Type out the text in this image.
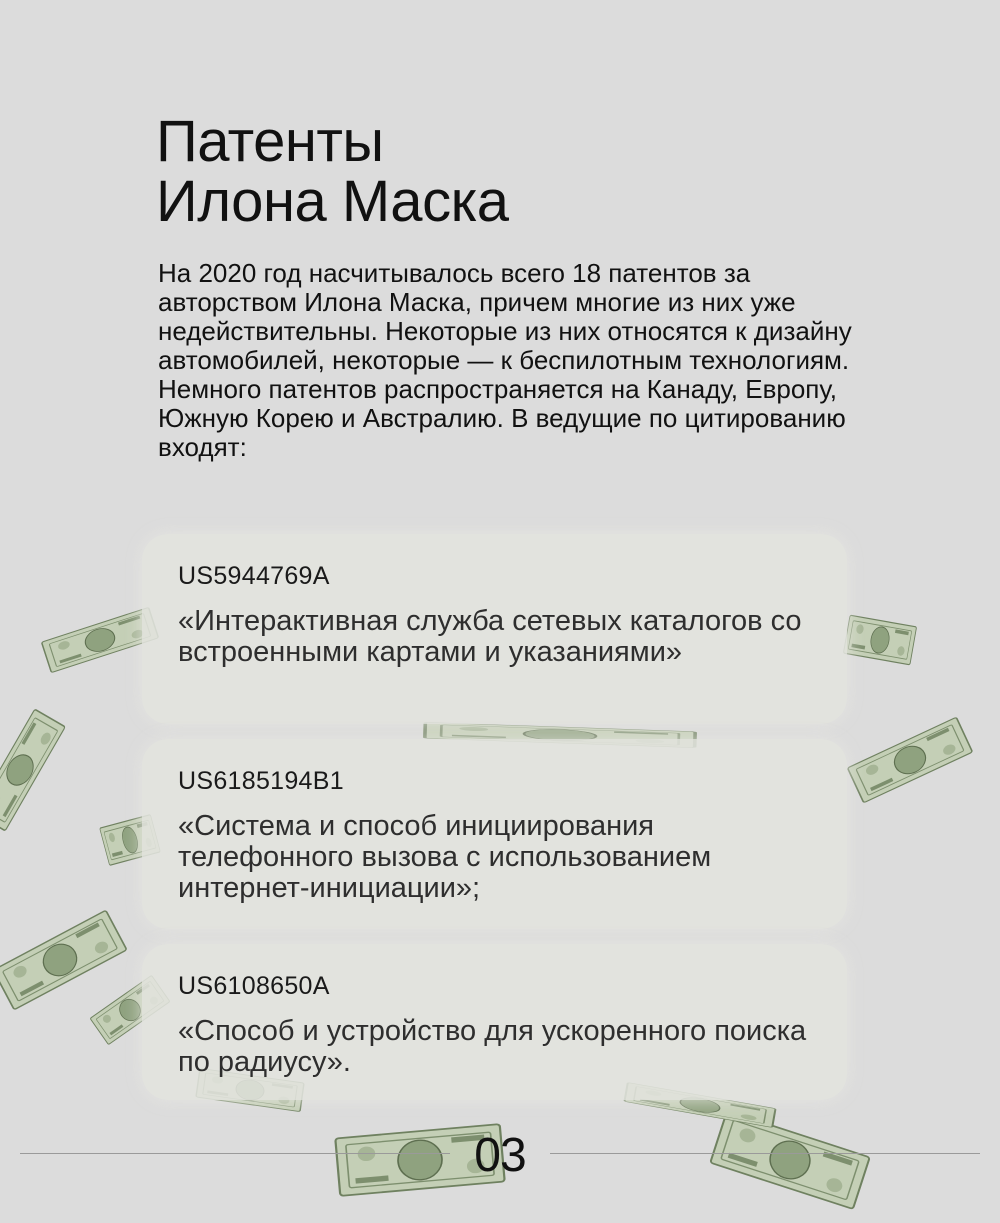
Патенты
Илона Маска

На 2020 год насчитывалось всего 18 патентов за авторством Илона Маска, причем многие из них уже недействительны. Некоторые из них относятся к дизайну автомобилей, некоторые — к беспилотным технологиям. Немного патентов распространяется на Канаду, Европу, Южную Корею и Австралию. В ведущие по цитированию входят:

US5944769A

«Интерактивная служба сетевых каталогов со встроенными картами и указаниями»

US6185194B1

«Система и способ инициирования телефонного вызова с использованием интернет-инициации»;

US6108650A

«Способ и устройство для ускоренного поиска по радиусу».

03
